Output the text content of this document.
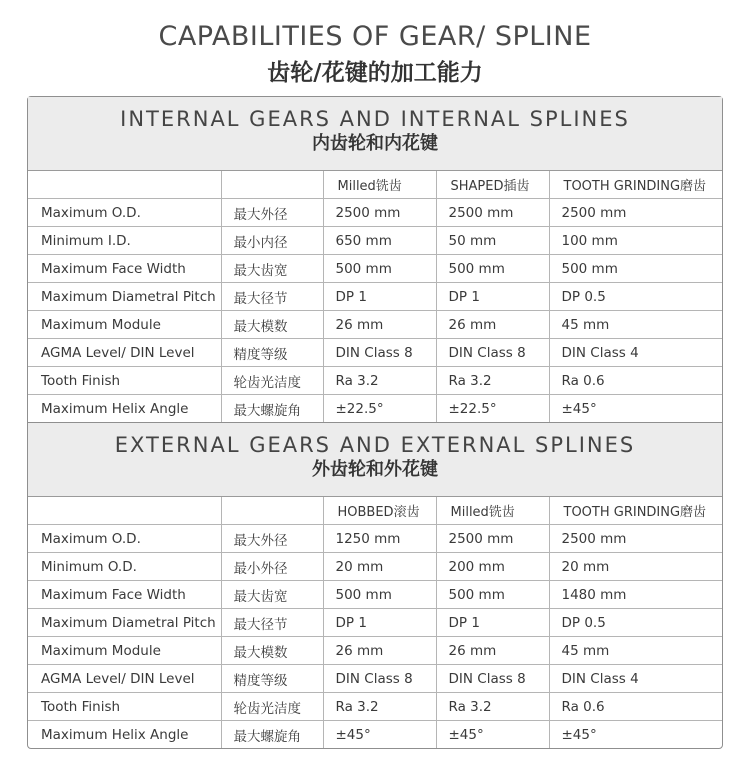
CAPABILITIES OF GEAR/ SPLINE
齿轮/花键的加工能力
INTERNAL GEARS AND INTERNAL SPLINES
内齿轮和内花键
		Milled铣齿	SHAPED插齿	TOOTH GRINDING磨齿
Maximum O.D.	最大外径	2500 mm	2500 mm	2500 mm
Minimum I.D.	最小内径	650 mm	50 mm	100 mm
Maximum Face Width	最大齿宽	500 mm	500 mm	500 mm
Maximum Diametral Pitch	最大径节	DP 1	DP 1	DP 0.5
Maximum Module	最大模数	26 mm	26 mm	45 mm
AGMA Level/ DIN Level	精度等级	DIN Class 8	DIN Class 8	DIN Class 4
Tooth Finish	轮齿光洁度	Ra 3.2	Ra 3.2	Ra 0.6
Maximum Helix Angle	最大螺旋角	±22.5°	±22.5°	±45°
EXTERNAL GEARS AND EXTERNAL SPLINES
外齿轮和外花键
		HOBBED滚齿	Milled铣齿	TOOTH GRINDING磨齿
Maximum O.D.	最大外径	1250 mm	2500 mm	2500 mm
Minimum O.D.	最小外径	20 mm	200 mm	20 mm
Maximum Face Width	最大齿宽	500 mm	500 mm	1480 mm
Maximum Diametral Pitch	最大径节	DP 1	DP 1	DP 0.5
Maximum Module	最大模数	26 mm	26 mm	45 mm
AGMA Level/ DIN Level	精度等级	DIN Class 8	DIN Class 8	DIN Class 4
Tooth Finish	轮齿光洁度	Ra 3.2	Ra 3.2	Ra 0.6
Maximum Helix Angle	最大螺旋角	±45°	±45°	±45°
